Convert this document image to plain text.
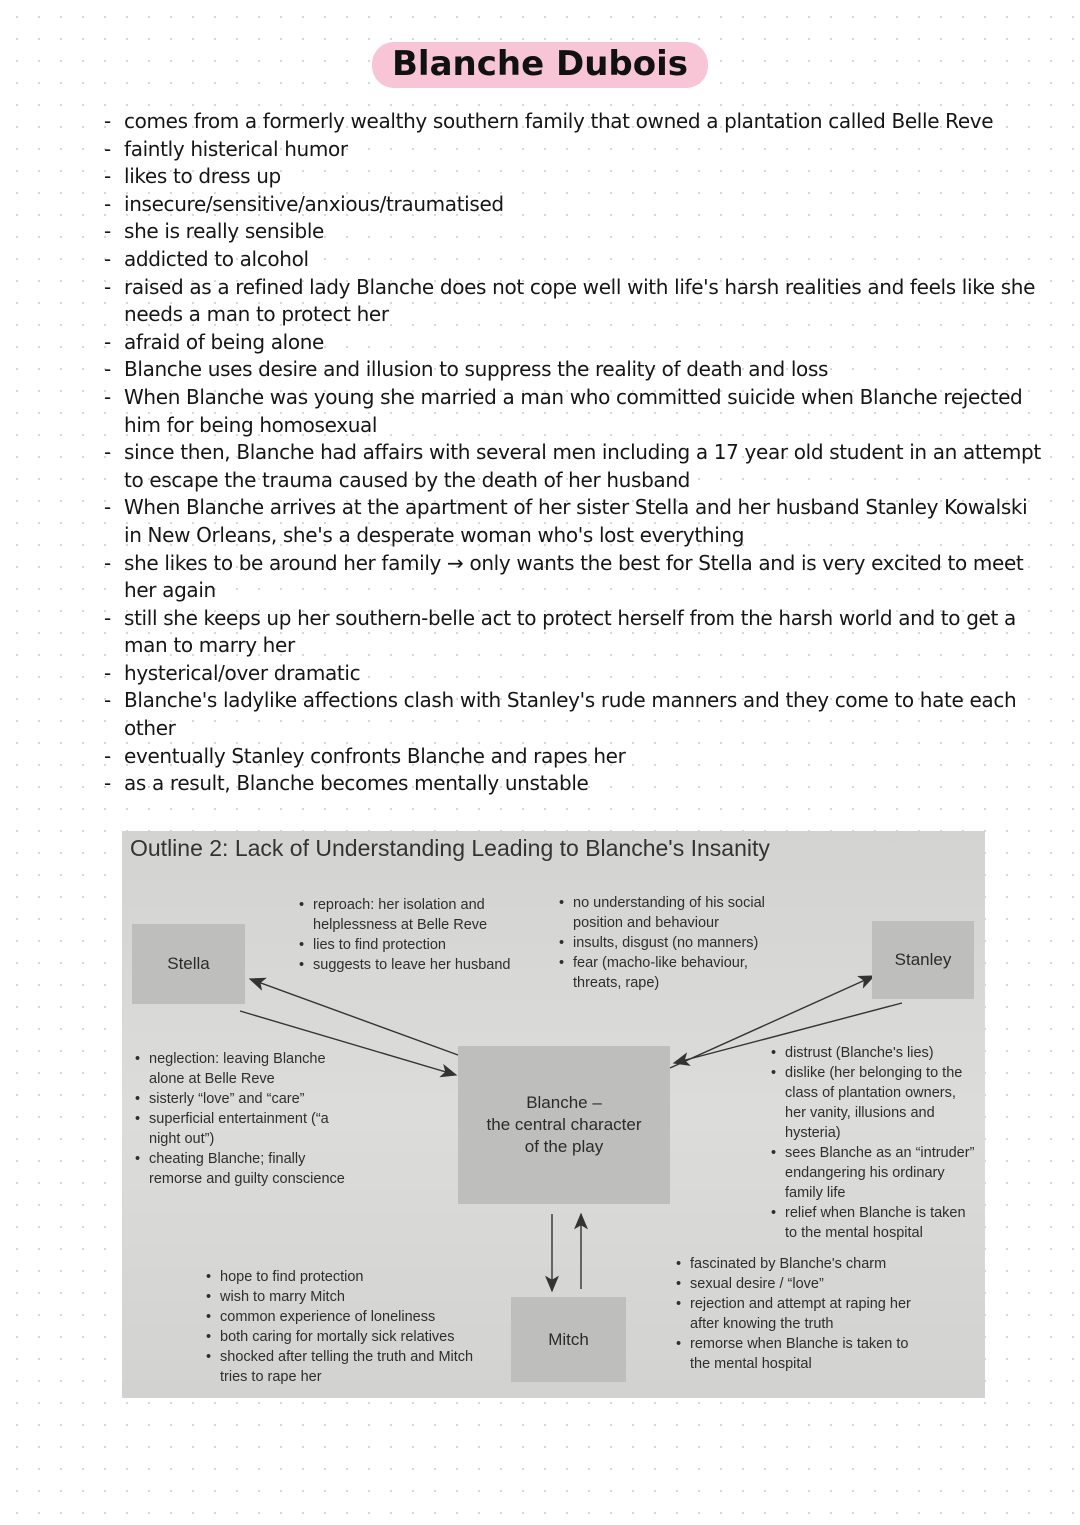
Blanche Dubois
- comes from a formerly wealthy southern family that owned a plantation called Belle Reve
- faintly histerical humor
- likes to dress up
- insecure/sensitive/anxious/traumatised
- she is really sensible
- addicted to alcohol
- raised as a refined lady Blanche does not cope well with life's harsh realities and feels like she needs a man to protect her
- afraid of being alone
- Blanche uses desire and illusion to suppress the reality of death and loss
- When Blanche was young she married a man who committed suicide when Blanche rejected him for being homosexual
- since then, Blanche had affairs with several men including a 17 year old student in an attempt to escape the trauma caused by the death of her husband
- When Blanche arrives at the apartment of her sister Stella and her husband Stanley Kowalski in New Orleans, she's a desperate woman who's lost everything
- she likes to be around her family → only wants the best for Stella and is very excited to meet her again
- still she keeps up her southern-belle act to protect herself from the harsh world and to get a man to marry her
- hysterical/over dramatic
- Blanche's ladylike affections clash with Stanley's rude manners and they come to hate each other
- eventually Stanley confronts Blanche and rapes her
- as a result, Blanche becomes mentally unstable
Outline 2: Lack of Understanding Leading to Blanche's Insanity
Stella	Stanley
Blanche –
the central character
of the play
Mitch
• reproach: her isolation and helplessness at Belle Reve
• lies to find protection
• suggests to leave her husband
• no understanding of his social position and behaviour
• insults, disgust (no manners)
• fear (macho-like behaviour, threats, rape)
• neglection: leaving Blanche alone at Belle Reve
• sisterly “love” and “care”
• superficial entertainment (“a night out”)
• cheating Blanche; finally remorse and guilty conscience
• distrust (Blanche's lies)
• dislike (her belonging to the class of plantation owners, her vanity, illusions and hysteria)
• sees Blanche as an “intruder” endangering his ordinary family life
• relief when Blanche is taken to the mental hospital
• hope to find protection
• wish to marry Mitch
• common experience of loneliness
• both caring for mortally sick relatives
• shocked after telling the truth and Mitch tries to rape her
• fascinated by Blanche's charm
• sexual desire / “love”
• rejection and attempt at raping her after knowing the truth
• remorse when Blanche is taken to the mental hospital
